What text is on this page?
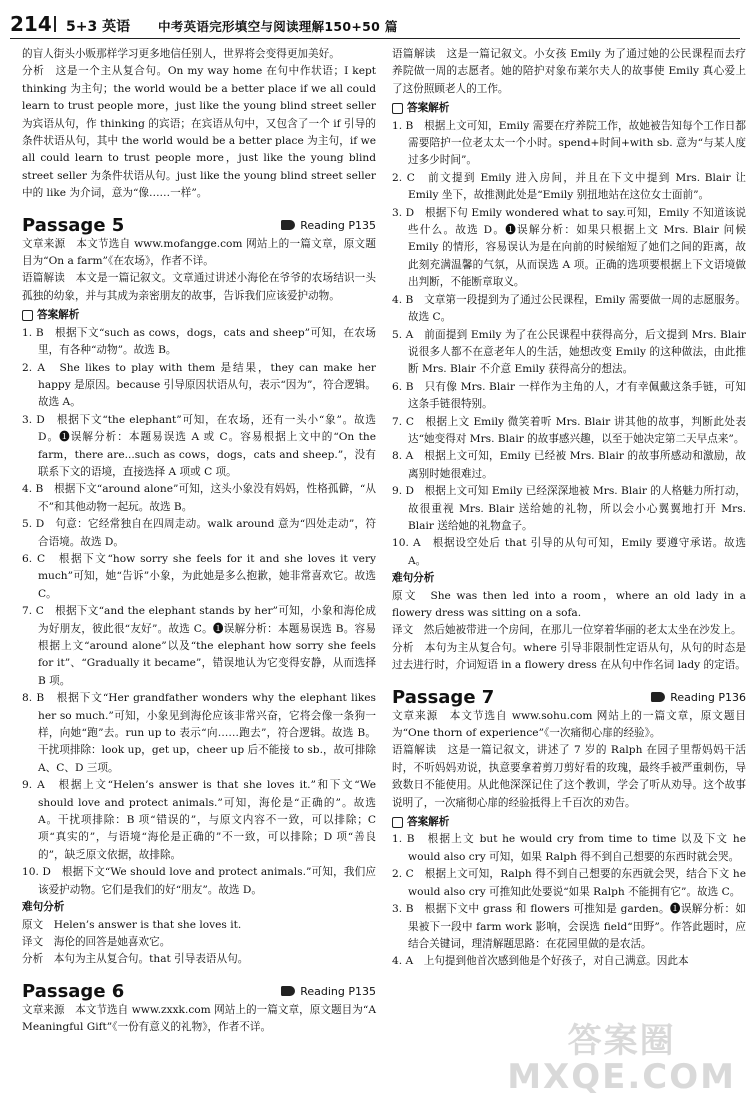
214 5+3 英语 中考英语完形填空与阅读理解150+50 篇

的盲人街头小贩那样学习更多地信任别人，世界将会变得更加美好。

分析　这是一个主从复合句。On my way home 在句中作状语；I kept thinking 为主句；the world would be a better place if we all could learn to trust people more，just like the young blind street seller 为宾语从句，作 thinking 的宾语；在宾语从句中，又包含了一个 if 引导的条件状语从句，其中 the world would be a better place 为主句，if we all could learn to trust people more，just like the young blind street seller 为条件状语从句。just like the young blind street seller 中的 like 为介词，意为“像……一样”。

Passage 5	Reading P135

文章来源　本文节选自 www.mofangge.com 网站上的一篇文章，原文题目为“On a farm”《在农场》，作者不详。

语篇解读　本文是一篇记叙文。文章通过讲述小海伦在爷爷的农场结识一头孤独的幼象，并与其成为亲密朋友的故事，告诉我们应该爱护动物。

答案解析

1. B　根据下文“such as cows，dogs，cats and sheep”可知，在农场里，有各种“动物”。故选 B。

2. A　She likes to play with them 是结果，they can make her happy 是原因。because 引导原因状语从句，表示“因为”，符合逻辑。故选 A。

3. D　根据下文“the elephant”可知，在农场，还有一头小“象”。故选 D。❶误解分析：本题易误选 A 或 C。容易根据上文中的“On the farm，there are...such as cows，dogs，cats and sheep.”，没有联系下文的语境，直接选择 A 项或 C 项。

4. B　根据下文“around alone”可知，这头小象没有妈妈，性格孤僻，“从不”和其他动物一起玩。故选 B。

5. D　句意：它经常独自在四周走动。walk around 意为“四处走动”，符合语境。故选 D。

6. C　根据下文“how sorry she feels for it and she loves it very much”可知，她“告诉”小象，为此她是多么抱歉，她非常喜欢它。故选 C。

7. C　根据下文“and the elephant stands by her”可知，小象和海伦成为好朋友，彼此很“友好”。故选 C。❶误解分析：本题易误选 B。容易根据上文“around alone”以及“the elephant how sorry she feels for it”、“Gradually it became”，错误地认为它变得安静，从而选择 B 项。

8. B　根据下文“Her grandfather wonders why the elephant likes her so much.”可知，小象见到海伦应该非常兴奋，它将会像一条狗一样，向她“跑”去。run up to 表示“向……跑去”，符合逻辑。故选 B。干扰项排除：look up，get up，cheer up 后不能接 to sb.，故可排除 A、C、D 三项。

9. A　根据上文“Helen’s answer is that she loves it.”和下文“We should love and protect animals.”可知，海伦是“正确的”。故选 A。干扰项排除：B 项“错误的”，与原文内容不一致，可以排除；C 项“真实的”，与语境“海伦是正确的”不一致，可以排除；D 项“善良的”，缺乏原文依据，故排除。

10. D　根据下文“We should love and protect animals.”可知，我们应该爱护动物。它们是我们的好“朋友”。故选 D。

难句分析

原文　Helen’s answer is that she loves it.

译文　海伦的回答是她喜欢它。

分析　本句为主从复合句。that 引导表语从句。

Passage 6	Reading P135

文章来源　本文节选自 www.zxxk.com 网站上的一篇文章，原文题目为“A Meaningful Gift”《一份有意义的礼物》，作者不详。

语篇解读　这是一篇记叙文。小女孩 Emily 为了通过她的公民课程而去疗养院做一周的志愿者。她的陪护对象布莱尔夫人的故事使 Emily 真心爱上了这份照顾老人的工作。

答案解析

1. B　根据上文可知，Emily 需要在疗养院工作，故她被告知每个工作日都需要陪护一位老太太一个小时。spend+时间+with sb. 意为“与某人度过多少时间”。

2. C　前文提到 Emily 进入房间，并且在下文中提到 Mrs. Blair 让 Emily 坐下，故推测此处是“Emily 别扭地站在这位女士面前”。

3. D　根据下句 Emily wondered what to say.可知，Emily 不知道该说些什么。故选 D。❶误解分析：如果只根据上文 Mrs. Blair 问候 Emily 的情形，容易误认为是在向前的时候缩短了她们之间的距离，故此刻充满温馨的气氛，从而误选 A 项。正确的选项要根据上下文语境做出判断，不能断章取义。

4. B　文章第一段提到为了通过公民课程，Emily 需要做一周的志愿服务。故选 C。

5. A　前面提到 Emily 为了在公民课程中获得高分，后文提到 Mrs. Blair 说很多人都不在意老年人的生活，她想改变 Emily 的这种做法，由此推断 Mrs. Blair 不介意 Emily 获得高分的想法。

6. B　只有像 Mrs. Blair 一样作为主角的人，才有幸佩戴这条手链，可知这条手链很特别。

7. C　根据上文 Emily 微笑着听 Mrs. Blair 讲其他的故事，判断此处表达“她变得对 Mrs. Blair 的故事感兴趣，以至于她决定第二天早点来”。

8. A　根据上文可知，Emily 已经被 Mrs. Blair 的故事所感动和激励，故离别时她很难过。

9. D　根据上文可知 Emily 已经深深地被 Mrs. Blair 的人格魅力所打动，故很重视 Mrs. Blair 送给她的礼物，所以会小心翼翼地打开 Mrs. Blair 送给她的礼物盒子。

10. A　根据设空处后 that 引导的从句可知，Emily 要遵守承诺。故选 A。

难句分析

原文　She was then led into a room，where an old lady in a flowery dress was sitting on a sofa.

译文　然后她被带进一个房间，在那儿一位穿着华丽的老太太坐在沙发上。

分析　本句为主从复合句。where 引导非限制性定语从句，从句的时态是过去进行时，介词短语 in a flowery dress 在从句中作名词 lady 的定语。

Passage 7	Reading P136

文章来源　本文节选自 www.sohu.com 网站上的一篇文章，原文题目为“One thorn of experience”《一次痛彻心扉的经验》。

语篇解读　这是一篇记叙文，讲述了 7 岁的 Ralph 在园子里帮妈妈干活时，不听妈妈劝说，执意要拿着剪刀剪好看的玫瑰，最终手被严重刺伤，导致数日不能使用。从此他深深记住了这个教训，学会了听从劝导。这个故事说明了，一次痛彻心扉的经验抵得上千百次的劝告。

答案解析

1. B　根据上文 but he would cry from time to time 以及下文 he would also cry 可知，如果 Ralph 得不到自己想要的东西时就会哭。

2. C　根据上文可知，Ralph 得不到自己想要的东西就会哭，结合下文 he would also cry 可推知此处要说“如果 Ralph 不能拥有它”。故选 C。

3. B　根据下文中 grass 和 flowers 可推知是 garden。❶误解分析：如果被下一段中 farm work 影响，会误选 field“田野”。作答此题时，应结合关键词，理清解题思路：在花园里做的是农活。

4. A　上句提到他首次感到他是个好孩子，对自己满意。因此本

答案圈
MXQE.COM
